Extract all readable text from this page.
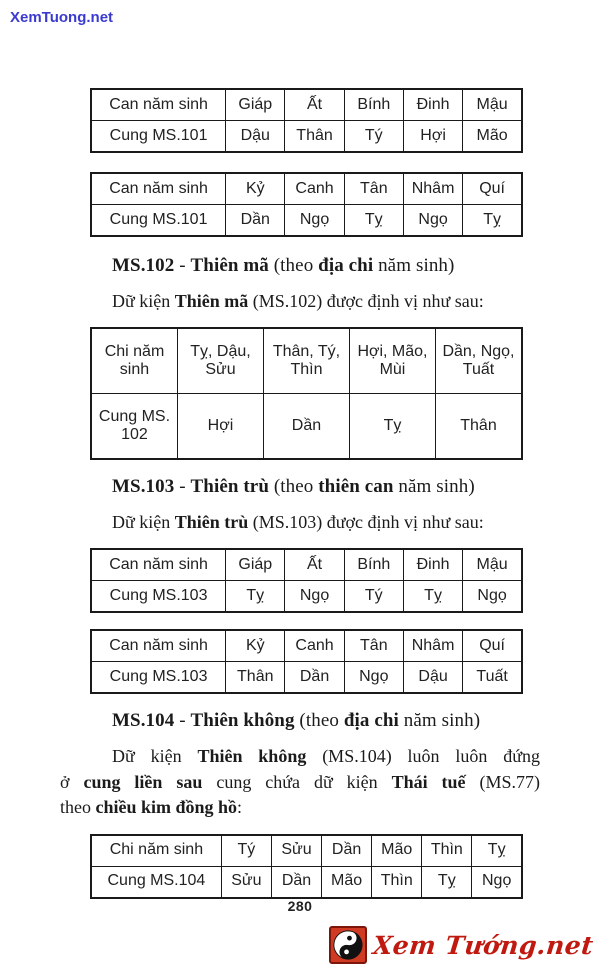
XemTuong.net
Can năm sinh	Giáp	Ất	Bính	Đinh	Mậu
Cung MS.101	Dậu	Thân	Tý	Hợi	Mão
Can năm sinh	Kỷ	Canh	Tân	Nhâm	Quí
Cung MS.101	Dần	Ngọ	Tỵ	Ngọ	Tỵ
MS.102 - Thiên mã (theo địa chi năm sinh)
Dữ kiện Thiên mã (MS.102) được định vị như sau:
Chi năm sinh	Tỵ, Dậu, Sửu	Thân, Tý, Thìn	Hợi, Mão, Mùi	Dần, Ngọ, Tuất
Cung MS. 102	Hợi	Dần	Tỵ	Thân
MS.103 - Thiên trù (theo thiên can năm sinh)
Dữ kiện Thiên trù (MS.103) được định vị như sau:
Can năm sinh	Giáp	Ất	Bính	Đinh	Mậu
Cung MS.103	Tỵ	Ngọ	Tý	Tỵ	Ngọ
Can năm sinh	Kỷ	Canh	Tân	Nhâm	Quí
Cung MS.103	Thân	Dần	Ngọ	Dậu	Tuất
MS.104 - Thiên không (theo địa chi năm sinh)
Dữ kiện Thiên không (MS.104) luôn luôn đứng
ở cung liền sau cung chứa dữ kiện Thái tuế (MS.77)
theo chiều kim đồng hồ:
Chi năm sinh	Tý	Sửu	Dần	Mão	Thìn	Tỵ
Cung MS.104	Sửu	Dần	Mão	Thìn	Tỵ	Ngọ
280
Xem Tướng.net
